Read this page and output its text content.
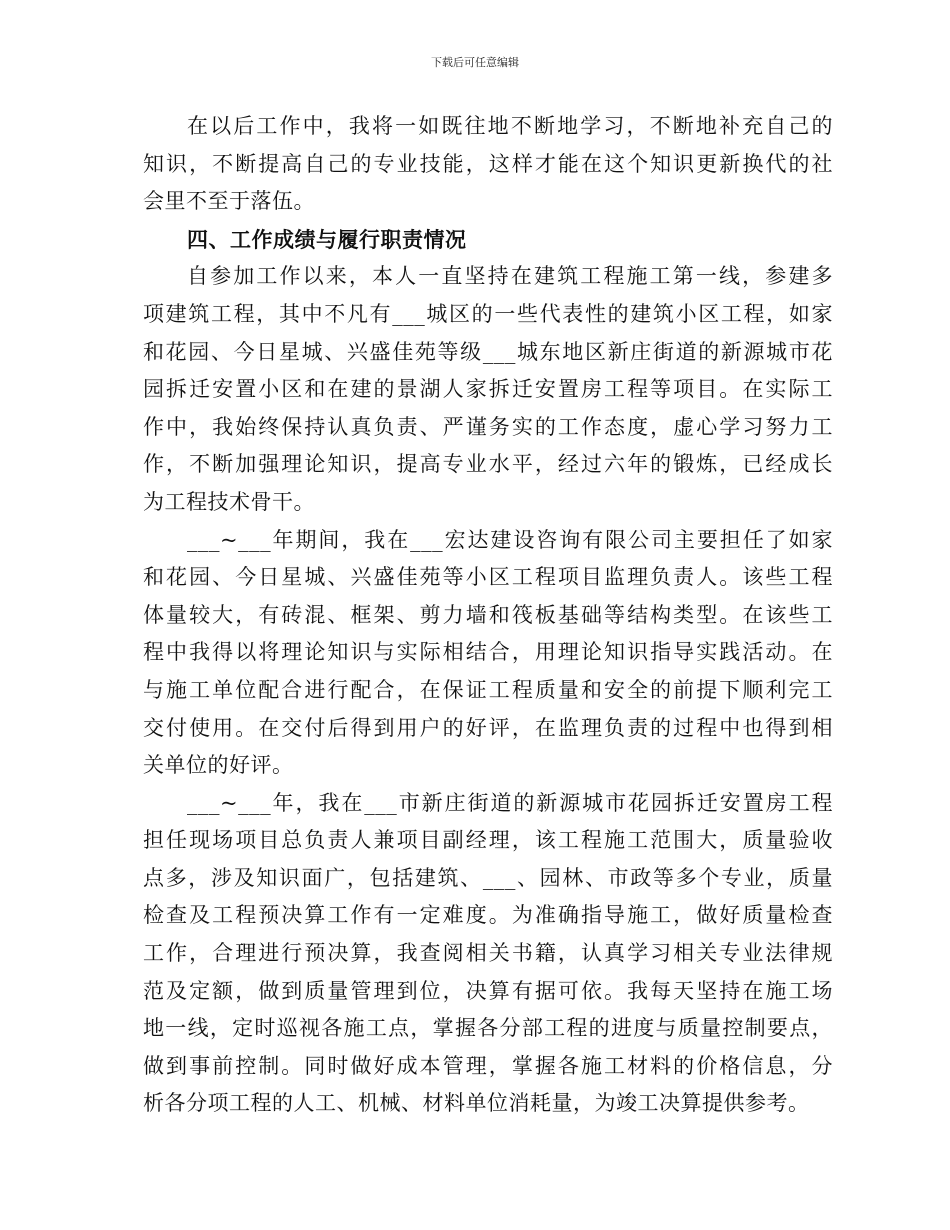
下载后可任意编辑
在以后工作中，我将一如既往地不断地学习，不断地补充自己的
知识，不断提高自己的专业技能，这样才能在这个知识更新换代的社
会里不至于落伍。
四、工作成绩与履行职责情况
自参加工作以来，本人一直坚持在建筑工程施工第一线，参建多
项建筑工程，其中不凡有___城区的一些代表性的建筑小区工程，如家
和花园、今日星城、兴盛佳苑等级___城东地区新庄街道的新源城市花
园拆迁安置小区和在建的景湖人家拆迁安置房工程等项目。在实际工
作中，我始终保持认真负责、严谨务实的工作态度，虚心学习努力工
作，不断加强理论知识，提高专业水平，经过六年的锻炼，已经成长
为工程技术骨干。
___~___年期间，我在___宏达建设咨询有限公司主要担任了如家
和花园、今日星城、兴盛佳苑等小区工程项目监理负责人。该些工程
体量较大，有砖混、框架、剪力墙和筏板基础等结构类型。在该些工
程中我得以将理论知识与实际相结合，用理论知识指导实践活动。在
与施工单位配合进行配合，在保证工程质量和安全的前提下顺利完工
交付使用。在交付后得到用户的好评，在监理负责的过程中也得到相
关单位的好评。
___~___年，我在___市新庄街道的新源城市花园拆迁安置房工程
担任现场项目总负责人兼项目副经理，该工程施工范围大，质量验收
点多，涉及知识面广，包括建筑、___、园林、市政等多个专业，质量
检查及工程预决算工作有一定难度。为准确指导施工，做好质量检查
工作，合理进行预决算，我查阅相关书籍，认真学习相关专业法律规
范及定额，做到质量管理到位，决算有据可依。我每天坚持在施工场
地一线，定时巡视各施工点，掌握各分部工程的进度与质量控制要点，
做到事前控制。同时做好成本管理，掌握各施工材料的价格信息，分
析各分项工程的人工、机械、材料单位消耗量，为竣工决算提供参考。
